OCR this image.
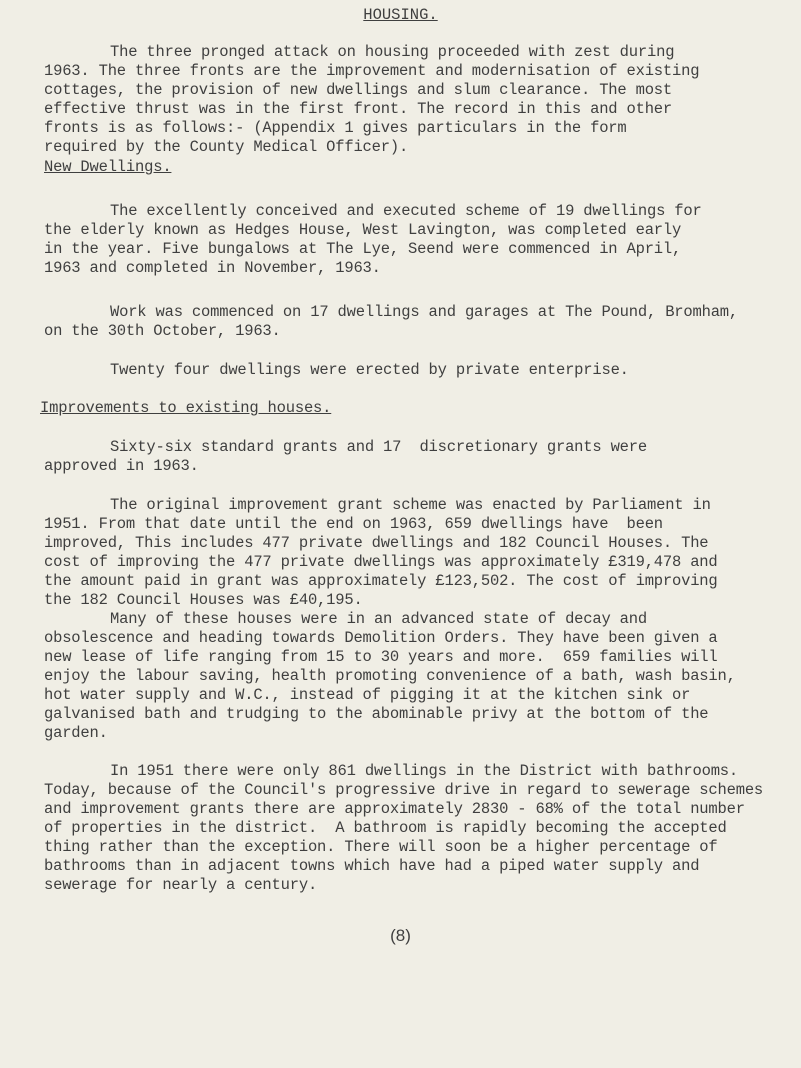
HOUSING.
The three pronged attack on housing proceeded with zest during
1963. The three fronts are the improvement and modernisation of existing
cottages, the provision of new dwellings and slum clearance. The most
effective thrust was in the first front. The record in this and other
fronts is as follows:- (Appendix 1 gives particulars in the form
required by the County Medical Officer).
New Dwellings.
The excellently conceived and executed scheme of 19 dwellings for
the elderly known as Hedges House, West Lavington, was completed early
in the year. Five bungalows at The Lye, Seend were commenced in April,
1963 and completed in November, 1963.
Work was commenced on 17 dwellings and garages at The Pound, Bromham,
on the 30th October, 1963.
Twenty four dwellings were erected by private enterprise.
Improvements to existing houses.
Sixty-six standard grants and 17  discretionary grants were
approved in 1963.
The original improvement grant scheme was enacted by Parliament in
1951. From that date until the end on 1963, 659 dwellings have  been
improved, This includes 477 private dwellings and 182 Council Houses. The
cost of improving the 477 private dwellings was approximately £319,478 and
the amount paid in grant was approximately £123,502. The cost of improving
the 182 Council Houses was £40,195.
Many of these houses were in an advanced state of decay and
obsolescence and heading towards Demolition Orders. They have been given a
new lease of life ranging from 15 to 30 years and more.  659 families will
enjoy the labour saving, health promoting convenience of a bath, wash basin,
hot water supply and W.C., instead of pigging it at the kitchen sink or
galvanised bath and trudging to the abominable privy at the bottom of the
garden.
In 1951 there were only 861 dwellings in the District with bathrooms.
Today, because of the Council's progressive drive in regard to sewerage schemes
and improvement grants there are approximately 2830 - 68% of the total number
of properties in the district.  A bathroom is rapidly becoming the accepted
thing rather than the exception. There will soon be a higher percentage of
bathrooms than in adjacent towns which have had a piped water supply and
sewerage for nearly a century.
(8)
